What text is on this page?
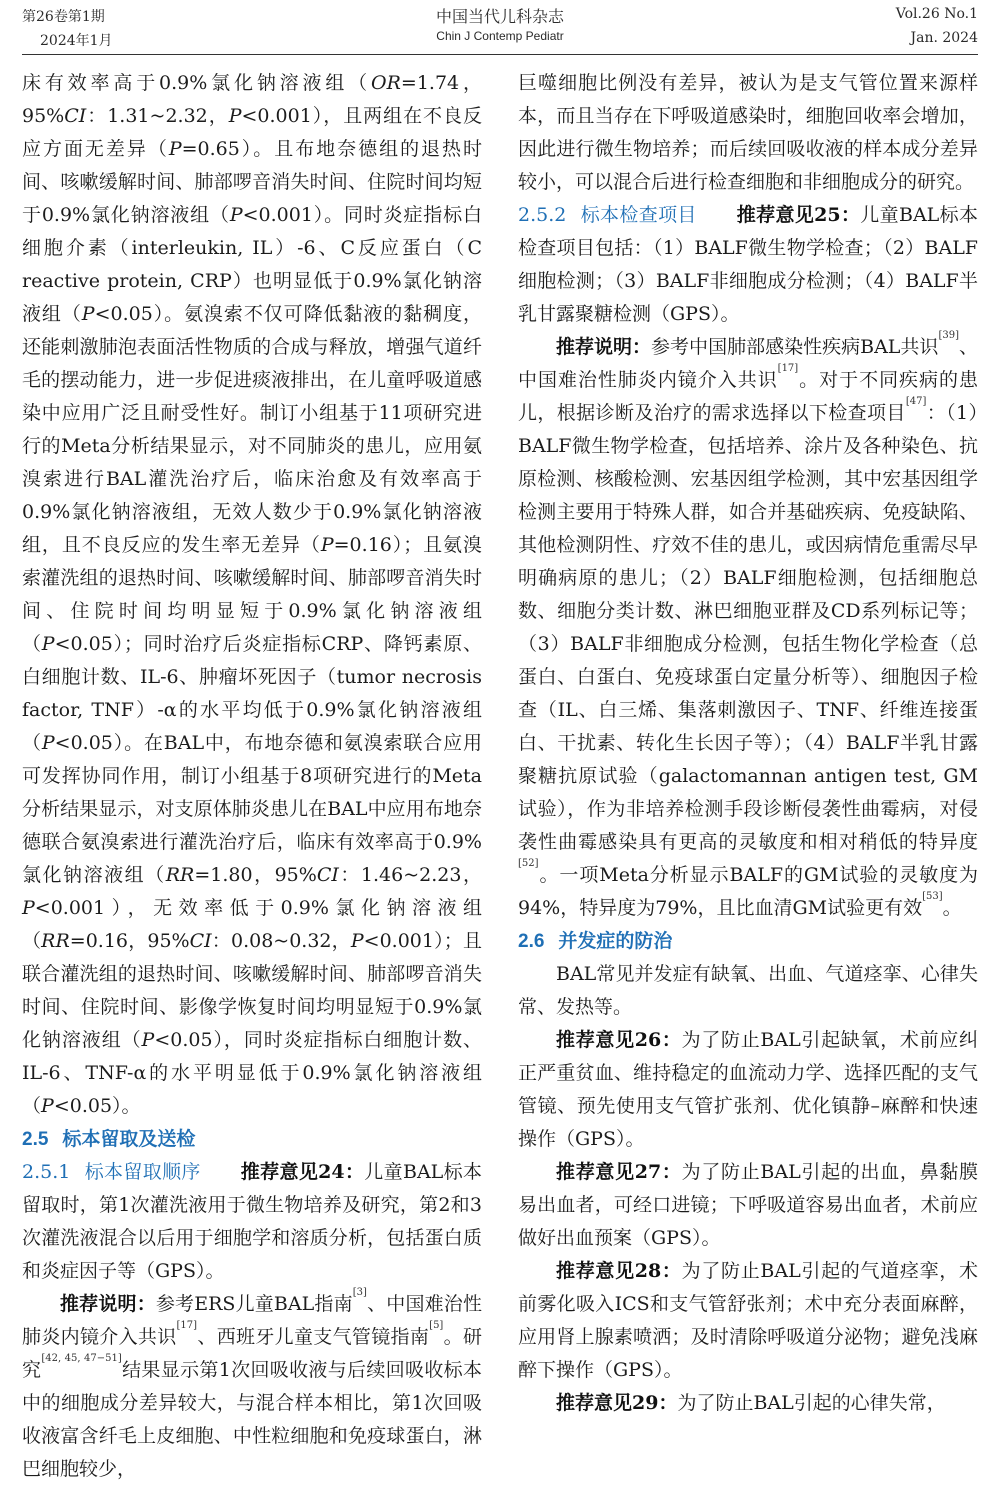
第26卷第1期
2024年1月
中国当代儿科杂志
Chin J Contemp Pediatr
Vol.26 No.1
Jan. 2024

床有效率高于0.9%氯化钠溶液组（OR=1.74，95%CI：1.31~2.32，P<0.001），且两组在不良反应方面无差异（P=0.65）。且布地奈德组的退热时间、咳嗽缓解时间、肺部啰音消失时间、住院时间均短于0.9%氯化钠溶液组（P<0.001）。同时炎症指标白细胞介素（interleukin, IL）-6、C反应蛋白（C reactive protein, CRP）也明显低于0.9%氯化钠溶液组（P<0.05）。氨溴索不仅可降低黏液的黏稠度，还能刺激肺泡表面活性物质的合成与释放，增强气道纤毛的摆动能力，进一步促进痰液排出，在儿童呼吸道感染中应用广泛且耐受性好。制订小组基于11项研究进行的Meta分析结果显示，对不同肺炎的患儿，应用氨溴索进行BAL灌洗治疗后，临床治愈及有效率高于0.9%氯化钠溶液组，无效人数少于0.9%氯化钠溶液组，且不良反应的发生率无差异（P=0.16）；且氨溴索灌洗组的退热时间、咳嗽缓解时间、肺部啰音消失时间、住院时间均明显短于0.9%氯化钠溶液组（P<0.05）；同时治疗后炎症指标CRP、降钙素原、白细胞计数、IL-6、肿瘤坏死因子（tumor necrosis factor, TNF）-α的水平均低于0.9%氯化钠溶液组（P<0.05）。在BAL中，布地奈德和氨溴索联合应用可发挥协同作用，制订小组基于8项研究进行的Meta分析结果显示，对支原体肺炎患儿在BAL中应用布地奈德联合氨溴索进行灌洗治疗后，临床有效率高于0.9%氯化钠溶液组（RR=1.80，95%CI：1.46~2.23，P<0.001），无效率低于0.9%氯化钠溶液组（RR=0.16，95%CI：0.08~0.32，P<0.001）；且联合灌洗组的退热时间、咳嗽缓解时间、肺部啰音消失时间、住院时间、影像学恢复时间均明显短于0.9%氯化钠溶液组（P<0.05），同时炎症指标白细胞计数、IL-6、TNF-α的水平明显低于0.9%氯化钠溶液组（P<0.05）。

2.5 标本留取及送检

2.5.1 标本留取顺序 推荐意见24：儿童BAL标本留取时，第1次灌洗液用于微生物培养及研究，第2和3次灌洗液混合以后用于细胞学和溶质分析，包括蛋白质和炎症因子等（GPS）。

推荐说明：参考ERS儿童BAL指南[3]、中国难治性肺炎内镜介入共识[17]、西班牙儿童支气管镜指南[5]。研究[42, 45, 47−51]结果显示第1次回吸收液与后续回吸收标本中的细胞成分差异较大，与混合样本相比，第1次回吸收液富含纤毛上皮细胞、中性粒细胞和免疫球蛋白，淋巴细胞较少，

巨噬细胞比例没有差异，被认为是支气管位置来源样本，而且当存在下呼吸道感染时，细胞回收率会增加，因此进行微生物培养；而后续回吸收液的样本成分差异较小，可以混合后进行检查细胞和非细胞成分的研究。

2.5.2 标本检查项目 推荐意见25：儿童BAL标本检查项目包括：（1）BALF微生物学检查；（2）BALF细胞检测；（3）BALF非细胞成分检测；（4）BALF半乳甘露聚糖检测（GPS）。

推荐说明：参考中国肺部感染性疾病BAL共识[39]、中国难治性肺炎内镜介入共识[17]。对于不同疾病的患儿，根据诊断及治疗的需求选择以下检查项目[47]：（1）BALF微生物学检查，包括培养、涂片及各种染色、抗原检测、核酸检测、宏基因组学检测，其中宏基因组学检测主要用于特殊人群，如合并基础疾病、免疫缺陷、其他检测阴性、疗效不佳的患儿，或因病情危重需尽早明确病原的患儿；（2）BALF细胞检测，包括细胞总数、细胞分类计数、淋巴细胞亚群及CD系列标记等；（3）BALF非细胞成分检测，包括生物化学检查（总蛋白、白蛋白、免疫球蛋白定量分析等）、细胞因子检查（IL、白三烯、集落刺激因子、TNF、纤维连接蛋白、干扰素、转化生长因子等）；（4）BALF半乳甘露聚糖抗原试验（galactomannan antigen test, GM试验），作为非培养检测手段诊断侵袭性曲霉病，对侵袭性曲霉感染具有更高的灵敏度和相对稍低的特异度[52]。一项Meta分析显示BALF的GM试验的灵敏度为94%，特异度为79%，且比血清GM试验更有效[53]。

2.6 并发症的防治

BAL常见并发症有缺氧、出血、气道痉挛、心律失常、发热等。

推荐意见26：为了防止BAL引起缺氧，术前应纠正严重贫血、维持稳定的血流动力学、选择匹配的支气管镜、预先使用支气管扩张剂、优化镇静–麻醉和快速操作（GPS）。

推荐意见27：为了防止BAL引起的出血，鼻黏膜易出血者，可经口进镜；下呼吸道容易出血者，术前应做好出血预案（GPS）。

推荐意见28：为了防止BAL引起的气道痉挛，术前雾化吸入ICS和支气管舒张剂；术中充分表面麻醉，应用肾上腺素喷洒；及时清除呼吸道分泌物；避免浅麻醉下操作（GPS）。

推荐意见29：为了防止BAL引起的心律失常，
